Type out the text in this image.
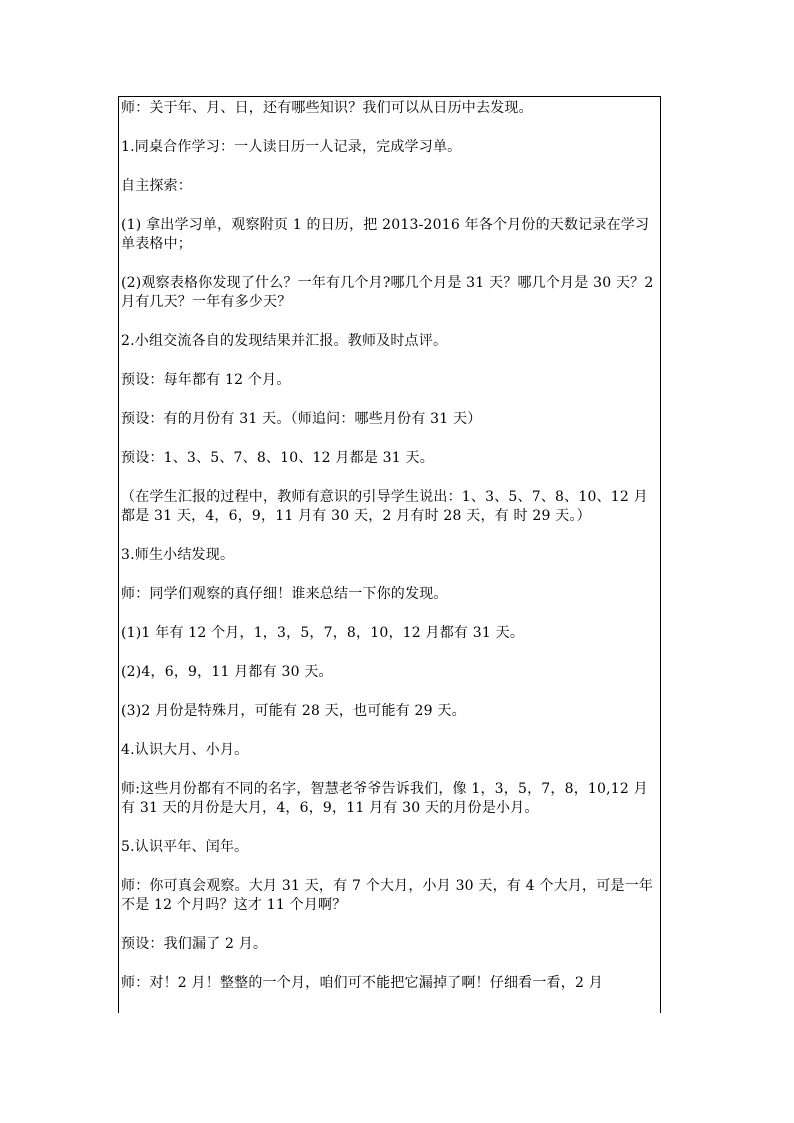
师：关于年、月、日，还有哪些知识？我们可以从日历中去发现。

1.同桌合作学习：一人读日历一人记录，完成学习单。

自主探索：

(1) 拿出学习单，观察附页 1 的日历，把 2013-2016 年各个月份的天数记录在学习单表格中；

(2)观察表格你发现了什么？一年有几个月?哪几个月是 31 天？哪几个月是 30 天？2 月有几天？一年有多少天？

2.小组交流各自的发现结果并汇报。教师及时点评。

预设：每年都有 12 个月。

预设：有的月份有 31 天。（师追问：哪些月份有 31 天）

预设：1、3、5、7、8、10、12 月都是 31 天。

（在学生汇报的过程中，教师有意识的引导学生说出：1、3、5、7、8、10、12 月都是 31 天，4，6，9，11 月有 30 天，2 月有时 28 天，有 时 29 天。）

3.师生小结发现。

师：同学们观察的真仔细！谁来总结一下你的发现。

(1)1 年有 12 个月，1，3，5，7，8，10，12 月都有 31 天。

(2)4，6，9，11 月都有 30 天。

(3)2 月份是特殊月，可能有 28 天，也可能有 29 天。

4.认识大月、小月。

师:这些月份都有不同的名字，智慧老爷爷告诉我们，像 1，3，5，7，8，10,12 月有 31 天的月份是大月，4，6，9，11 月有 30 天的月份是小月。

5.认识平年、闰年。

师：你可真会观察。大月 31 天，有 7 个大月，小月 30 天，有 4 个大月，可是一年不是 12 个月吗？这才 11 个月啊？

预设：我们漏了 2 月。

师：对！2 月！整整的一个月，咱们可不能把它漏掉了啊！仔细看一看，2 月
